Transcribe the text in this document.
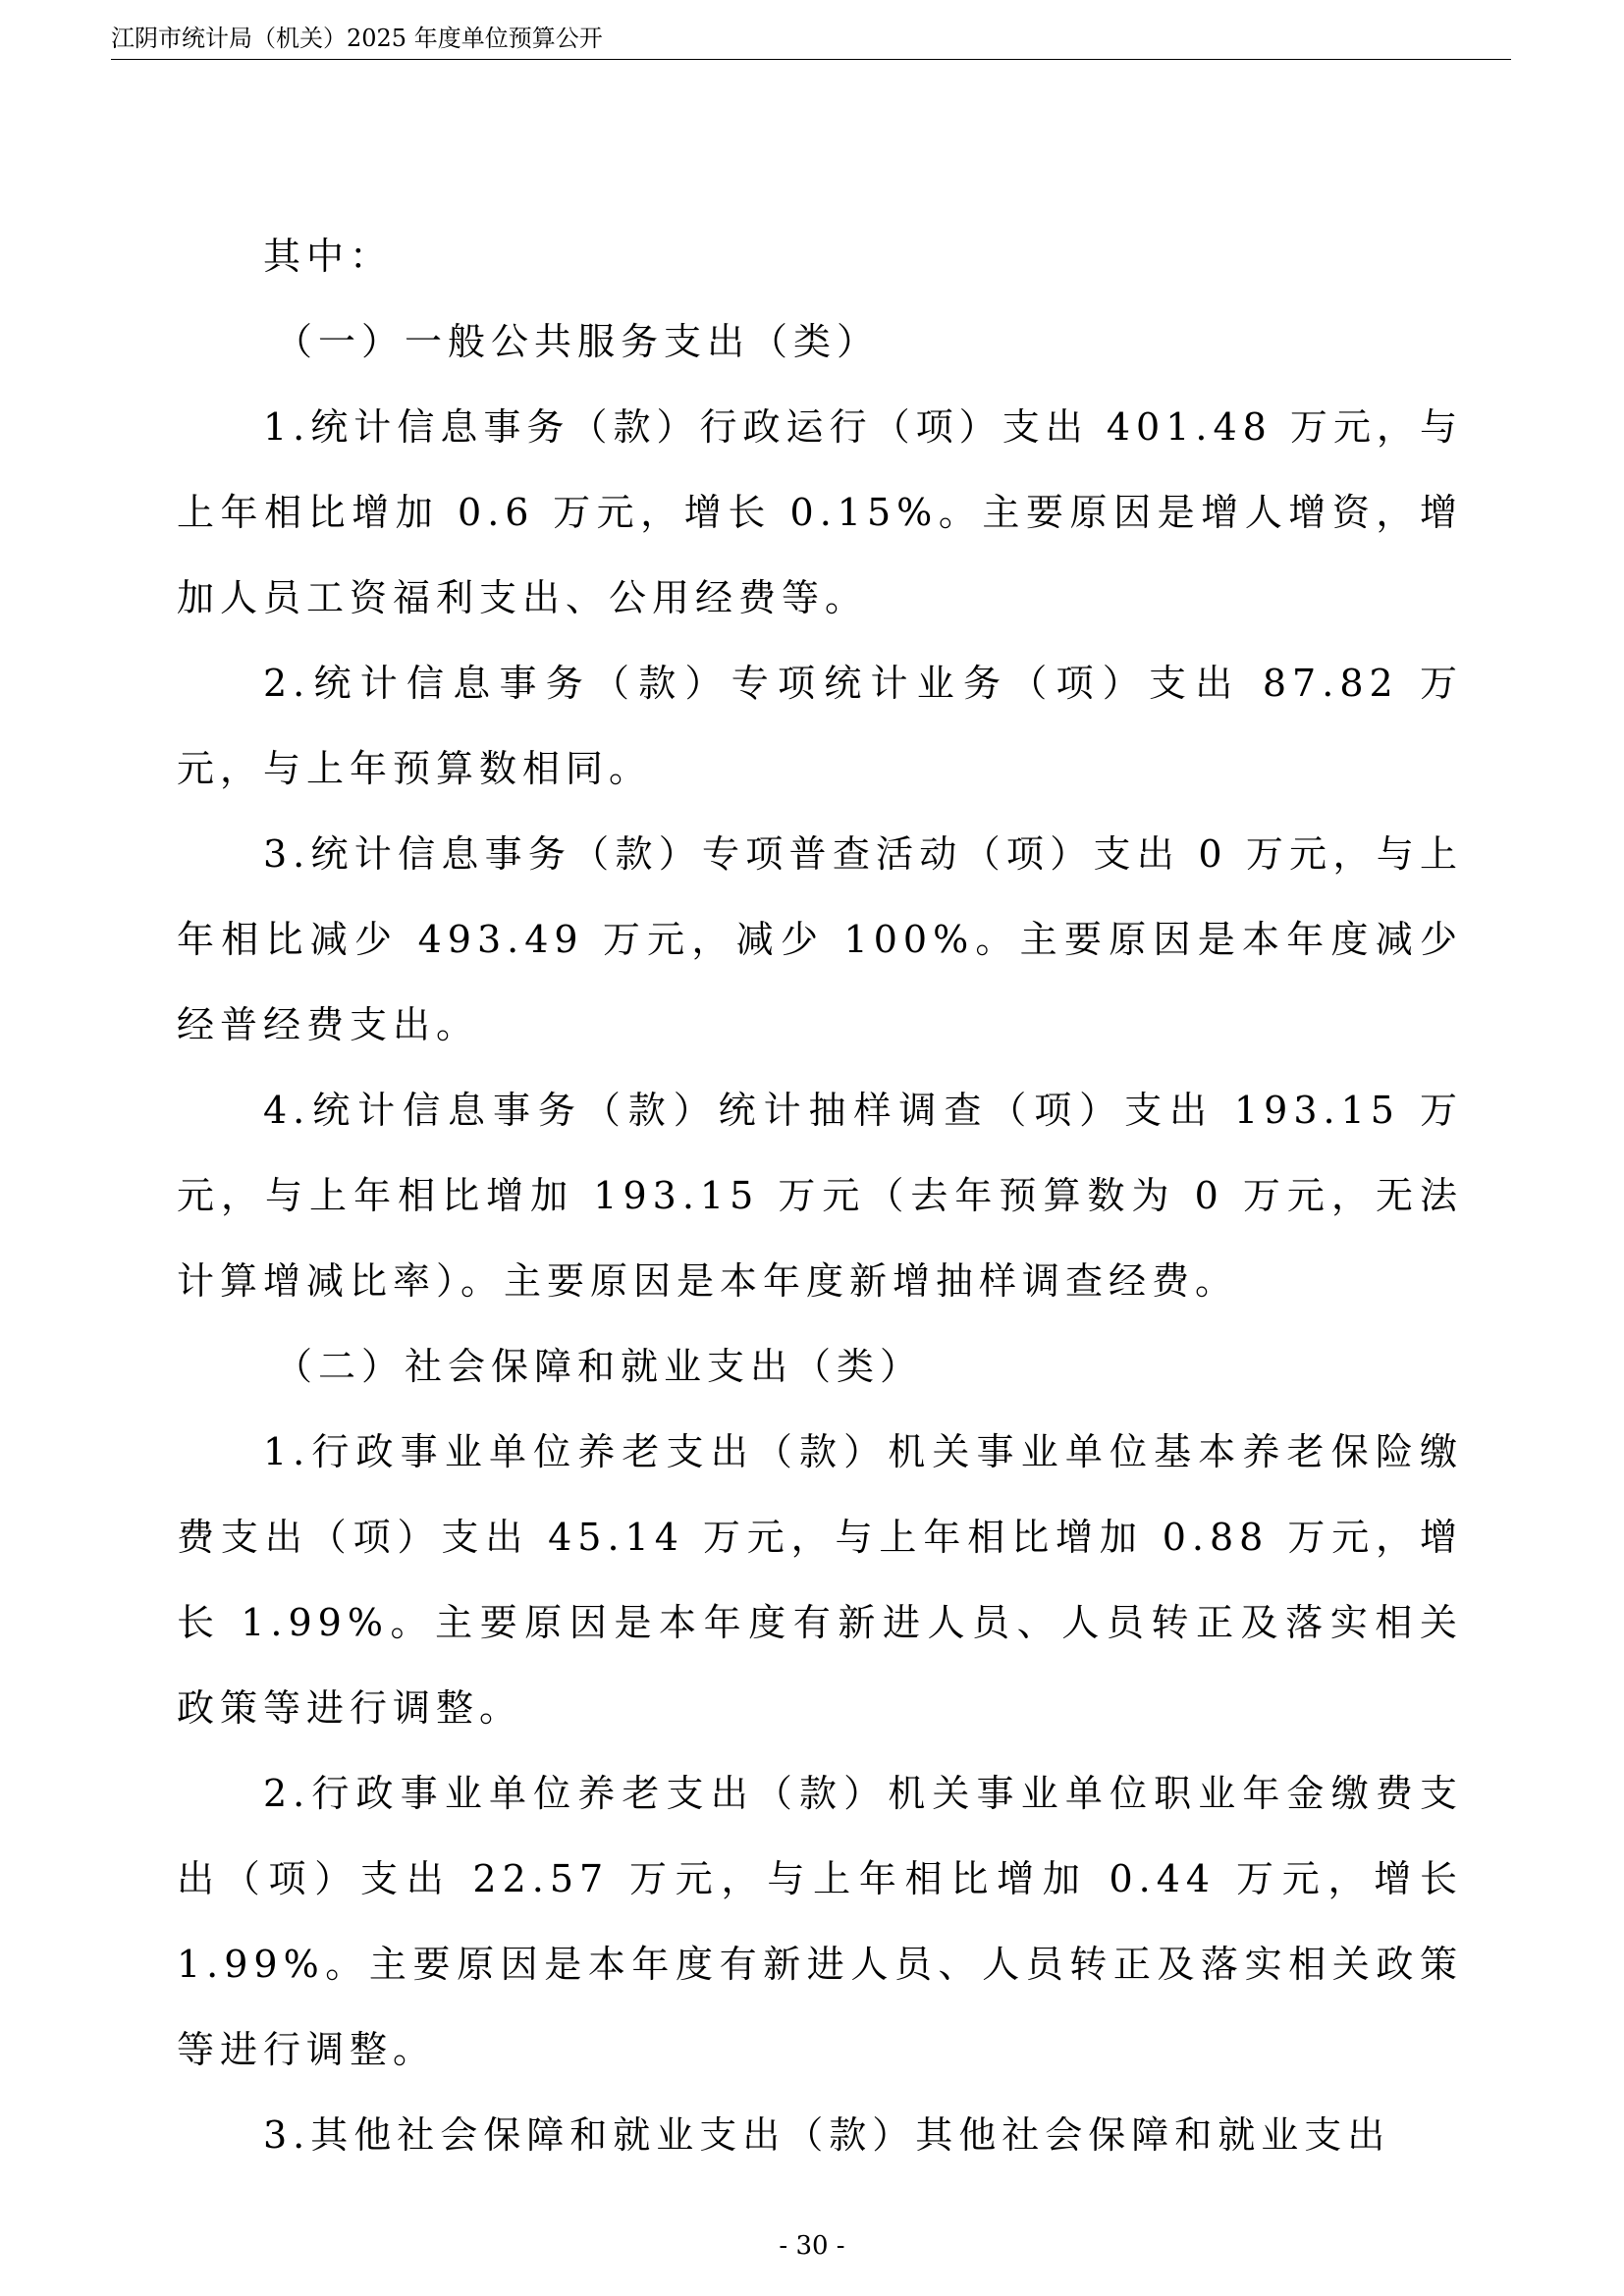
江阴市统计局（机关）2025 年度单位预算公开

其中：

（一）一般公共服务支出（类）

1.统计信息事务（款）行政运行（项）支出 401.48 万元，与上年相比增加 0.6 万元，增长 0.15%。主要原因是增人增资，增加人员工资福利支出、公用经费等。

2.统计信息事务（款）专项统计业务（项）支出 87.82 万元，与上年预算数相同。

3.统计信息事务（款）专项普查活动（项）支出 0 万元，与上年相比减少 493.49 万元，减少 100%。主要原因是本年度减少经普经费支出。

4.统计信息事务（款）统计抽样调查（项）支出 193.15 万元，与上年相比增加 193.15 万元（去年预算数为 0 万元，无法计算增减比率）。主要原因是本年度新增抽样调查经费。

（二）社会保障和就业支出（类）

1.行政事业单位养老支出（款）机关事业单位基本养老保险缴费支出（项）支出 45.14 万元，与上年相比增加 0.88 万元，增长 1.99%。主要原因是本年度有新进人员、人员转正及落实相关政策等进行调整。

2.行政事业单位养老支出（款）机关事业单位职业年金缴费支出（项）支出 22.57 万元，与上年相比增加 0.44 万元，增长 1.99%。主要原因是本年度有新进人员、人员转正及落实相关政策等进行调整。

3.其他社会保障和就业支出（款）其他社会保障和就业支出

- 30 -
